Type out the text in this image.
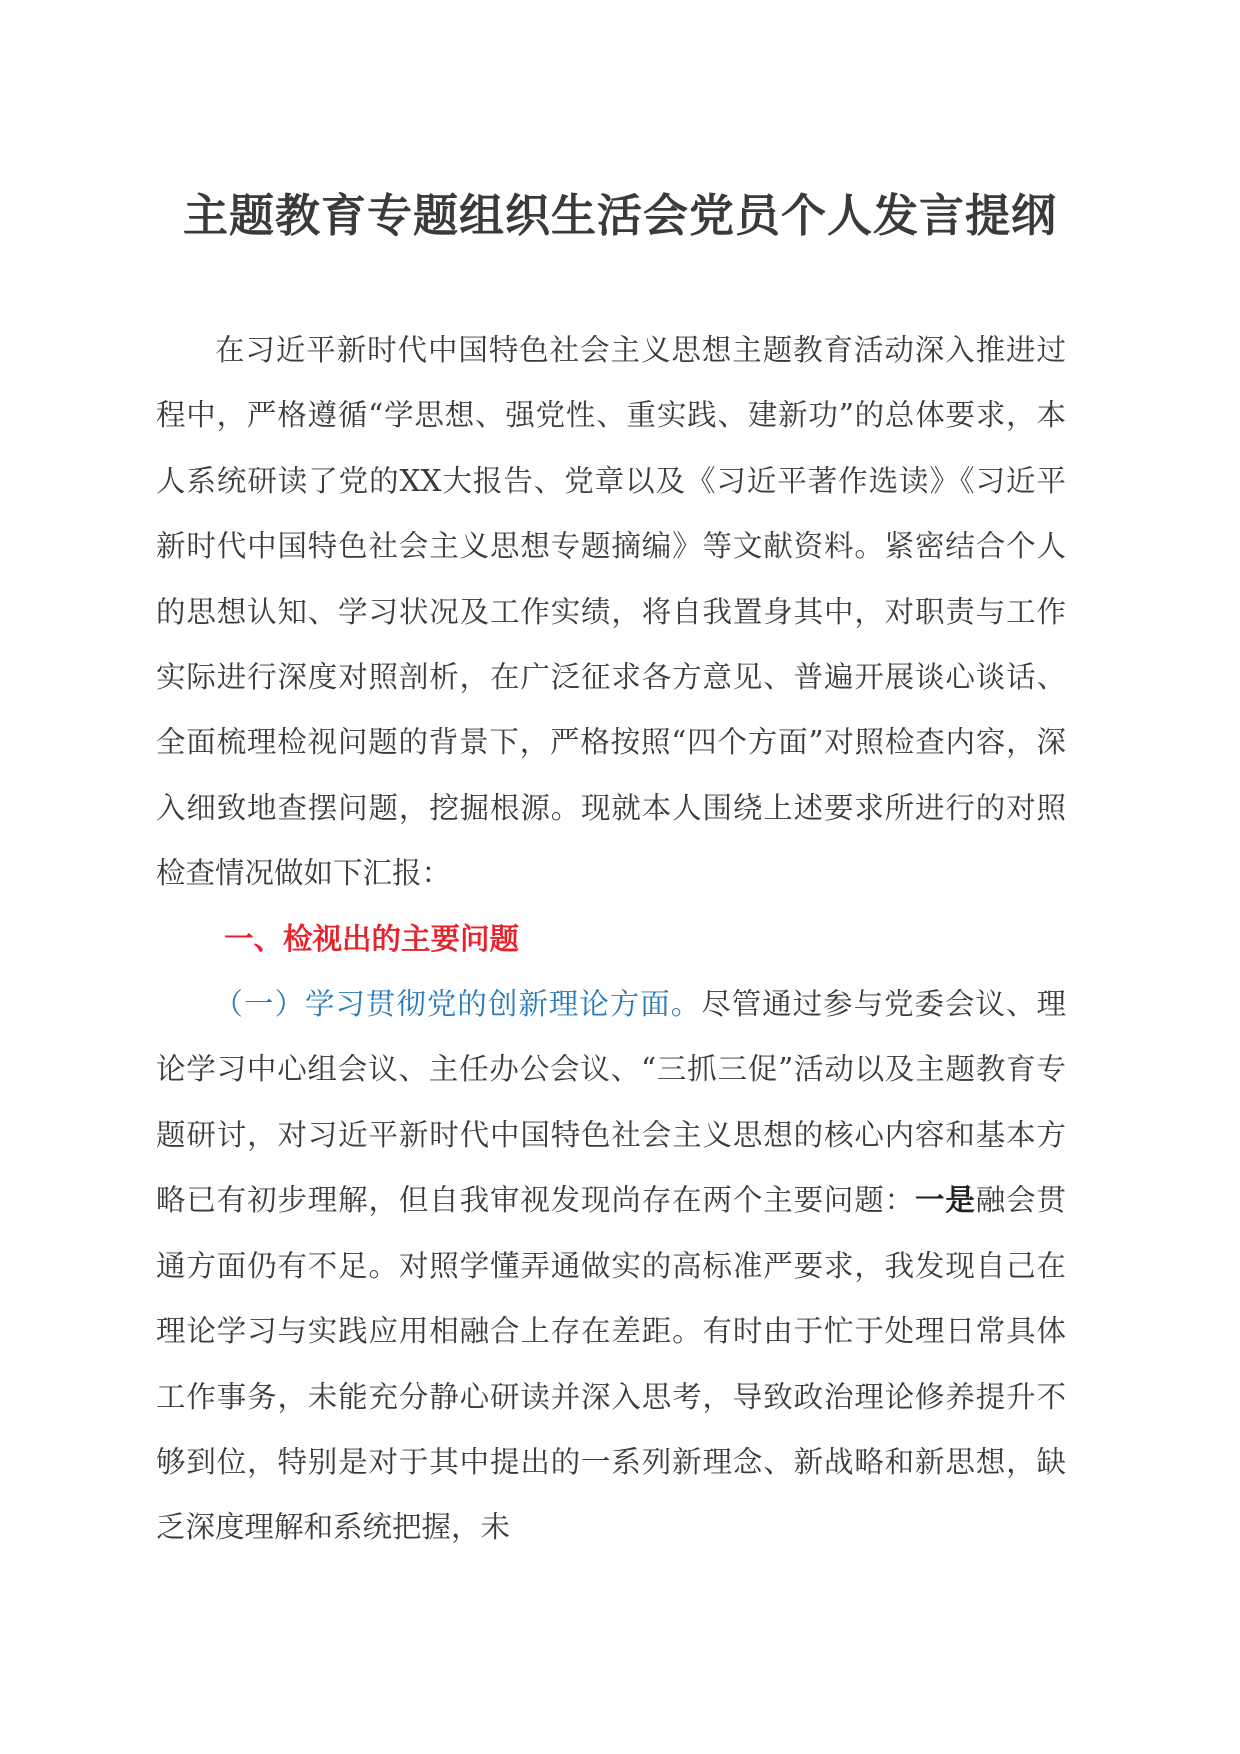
主题教育专题组织生活会党员个人发言提纲

在习近平新时代中国特色社会主义思想主题教育活动深入推进过程中，严格遵循“学思想、强党性、重实践、建新功”的总体要求，本人系统研读了党的XX大报告、党章以及《习近平著作选读》《习近平新时代中国特色社会主义思想专题摘编》等文献资料。紧密结合个人的思想认知、学习状况及工作实绩，将自我置身其中，对职责与工作实际进行深度对照剖析，在广泛征求各方意见、普遍开展谈心谈话、全面梳理检视问题的背景下，严格按照“四个方面”对照检查内容，深入细致地查摆问题，挖掘根源。现就本人围绕上述要求所进行的对照检查情况做如下汇报：

一、检视出的主要问题

（一）学习贯彻党的创新理论方面。尽管通过参与党委会议、理论学习中心组会议、主任办公会议、“三抓三促”活动以及主题教育专题研讨，对习近平新时代中国特色社会主义思想的核心内容和基本方略已有初步理解，但自我审视发现尚存在两个主要问题：一是融会贯通方面仍有不足。对照学懂弄通做实的高标准严要求，我发现自己在理论学习与实践应用相融合上存在差距。有时由于忙于处理日常具体工作事务，未能充分静心研读并深入思考，导致政治理论修养提升不够到位，特别是对于其中提出的一系列新理念、新战略和新思想，缺乏深度理解和系统把握，未
